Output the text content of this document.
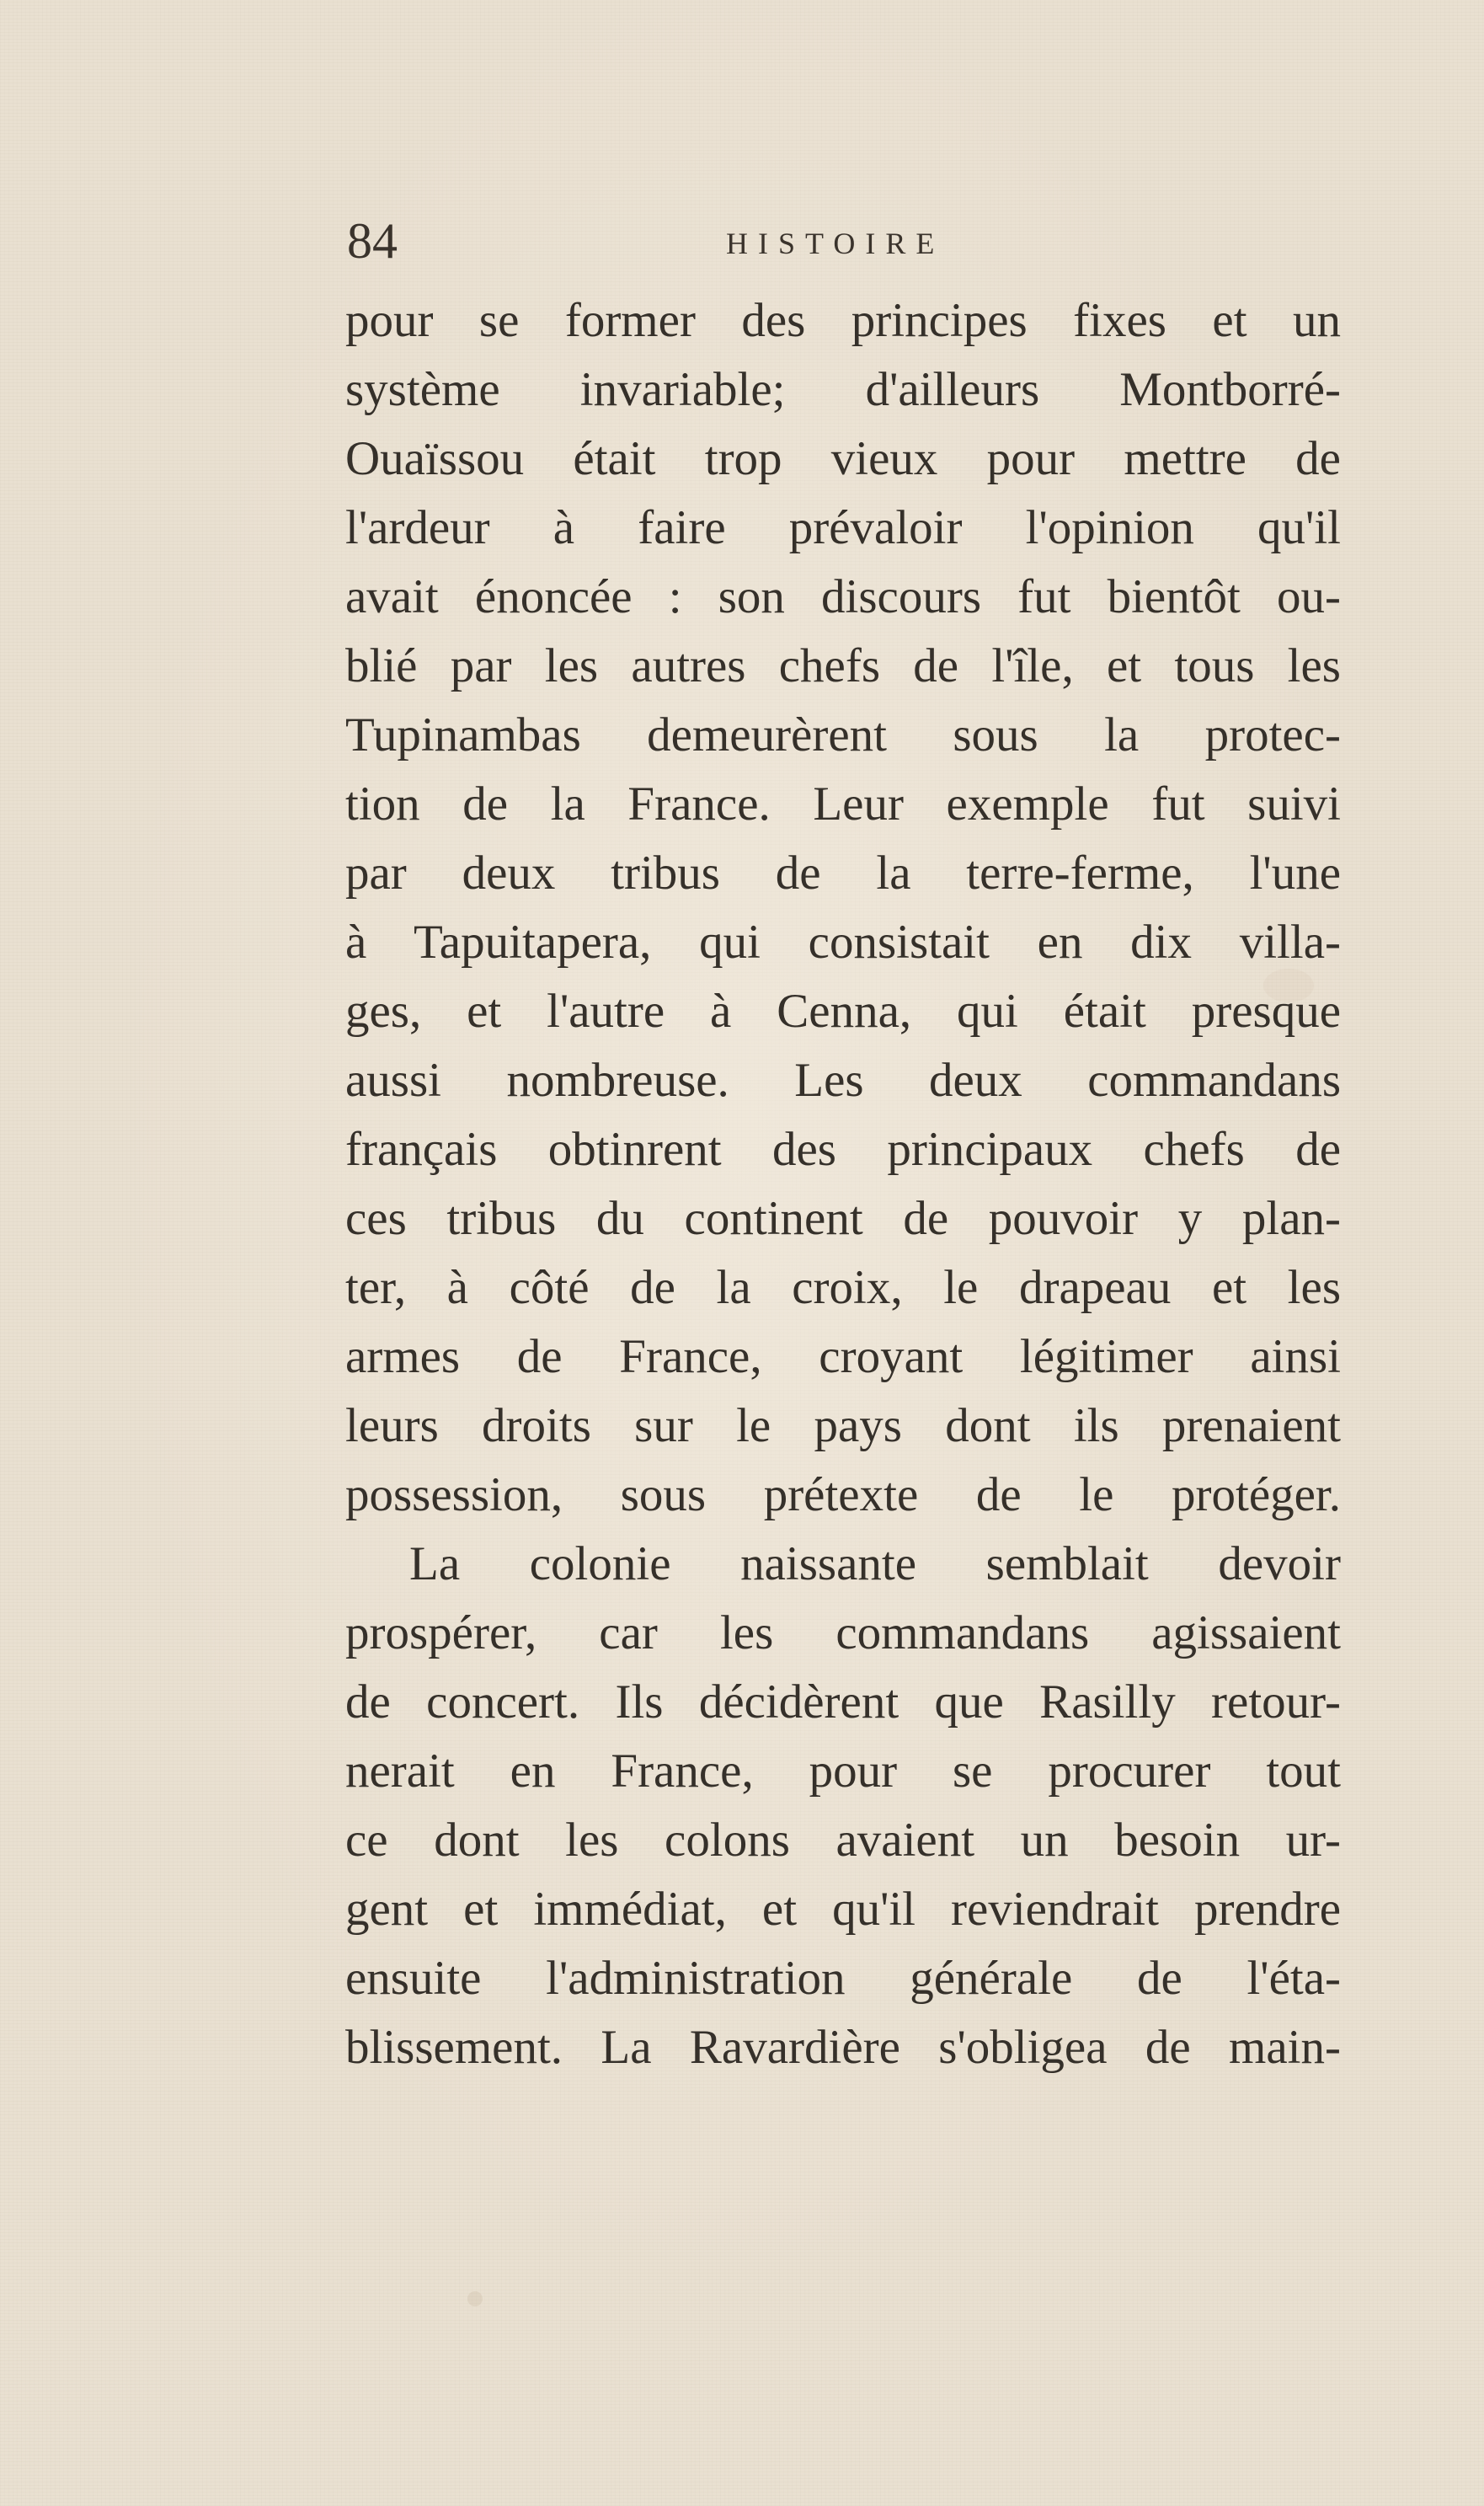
84	HISTOIRE
pour se former des principes fixes et un
système invariable; d'ailleurs Montborré-
Ouaïssou était trop vieux pour mettre de
l'ardeur à faire prévaloir l'opinion qu'il
avait énoncée : son discours fut bientôt ou-
blié par les autres chefs de l'île, et tous les
Tupinambas demeurèrent sous la protec-
tion de la France. Leur exemple fut suivi
par deux tribus de la terre-ferme, l'une
à Tapuitapera, qui consistait en dix villa-
ges, et l'autre à Cenna, qui était presque
aussi nombreuse. Les deux commandans
français obtinrent des principaux chefs de
ces tribus du continent de pouvoir y plan-
ter, à côté de la croix, le drapeau et les
armes de France, croyant légitimer ainsi
leurs droits sur le pays dont ils prenaient
possession, sous prétexte de le protéger.
La colonie naissante semblait devoir
prospérer, car les commandans agissaient
de concert. Ils décidèrent que Rasilly retour-
nerait en France, pour se procurer tout
ce dont les colons avaient un besoin ur-
gent et immédiat, et qu'il reviendrait prendre
ensuite l'administration générale de l'éta-
blissement. La Ravardière s'obligea de main-
